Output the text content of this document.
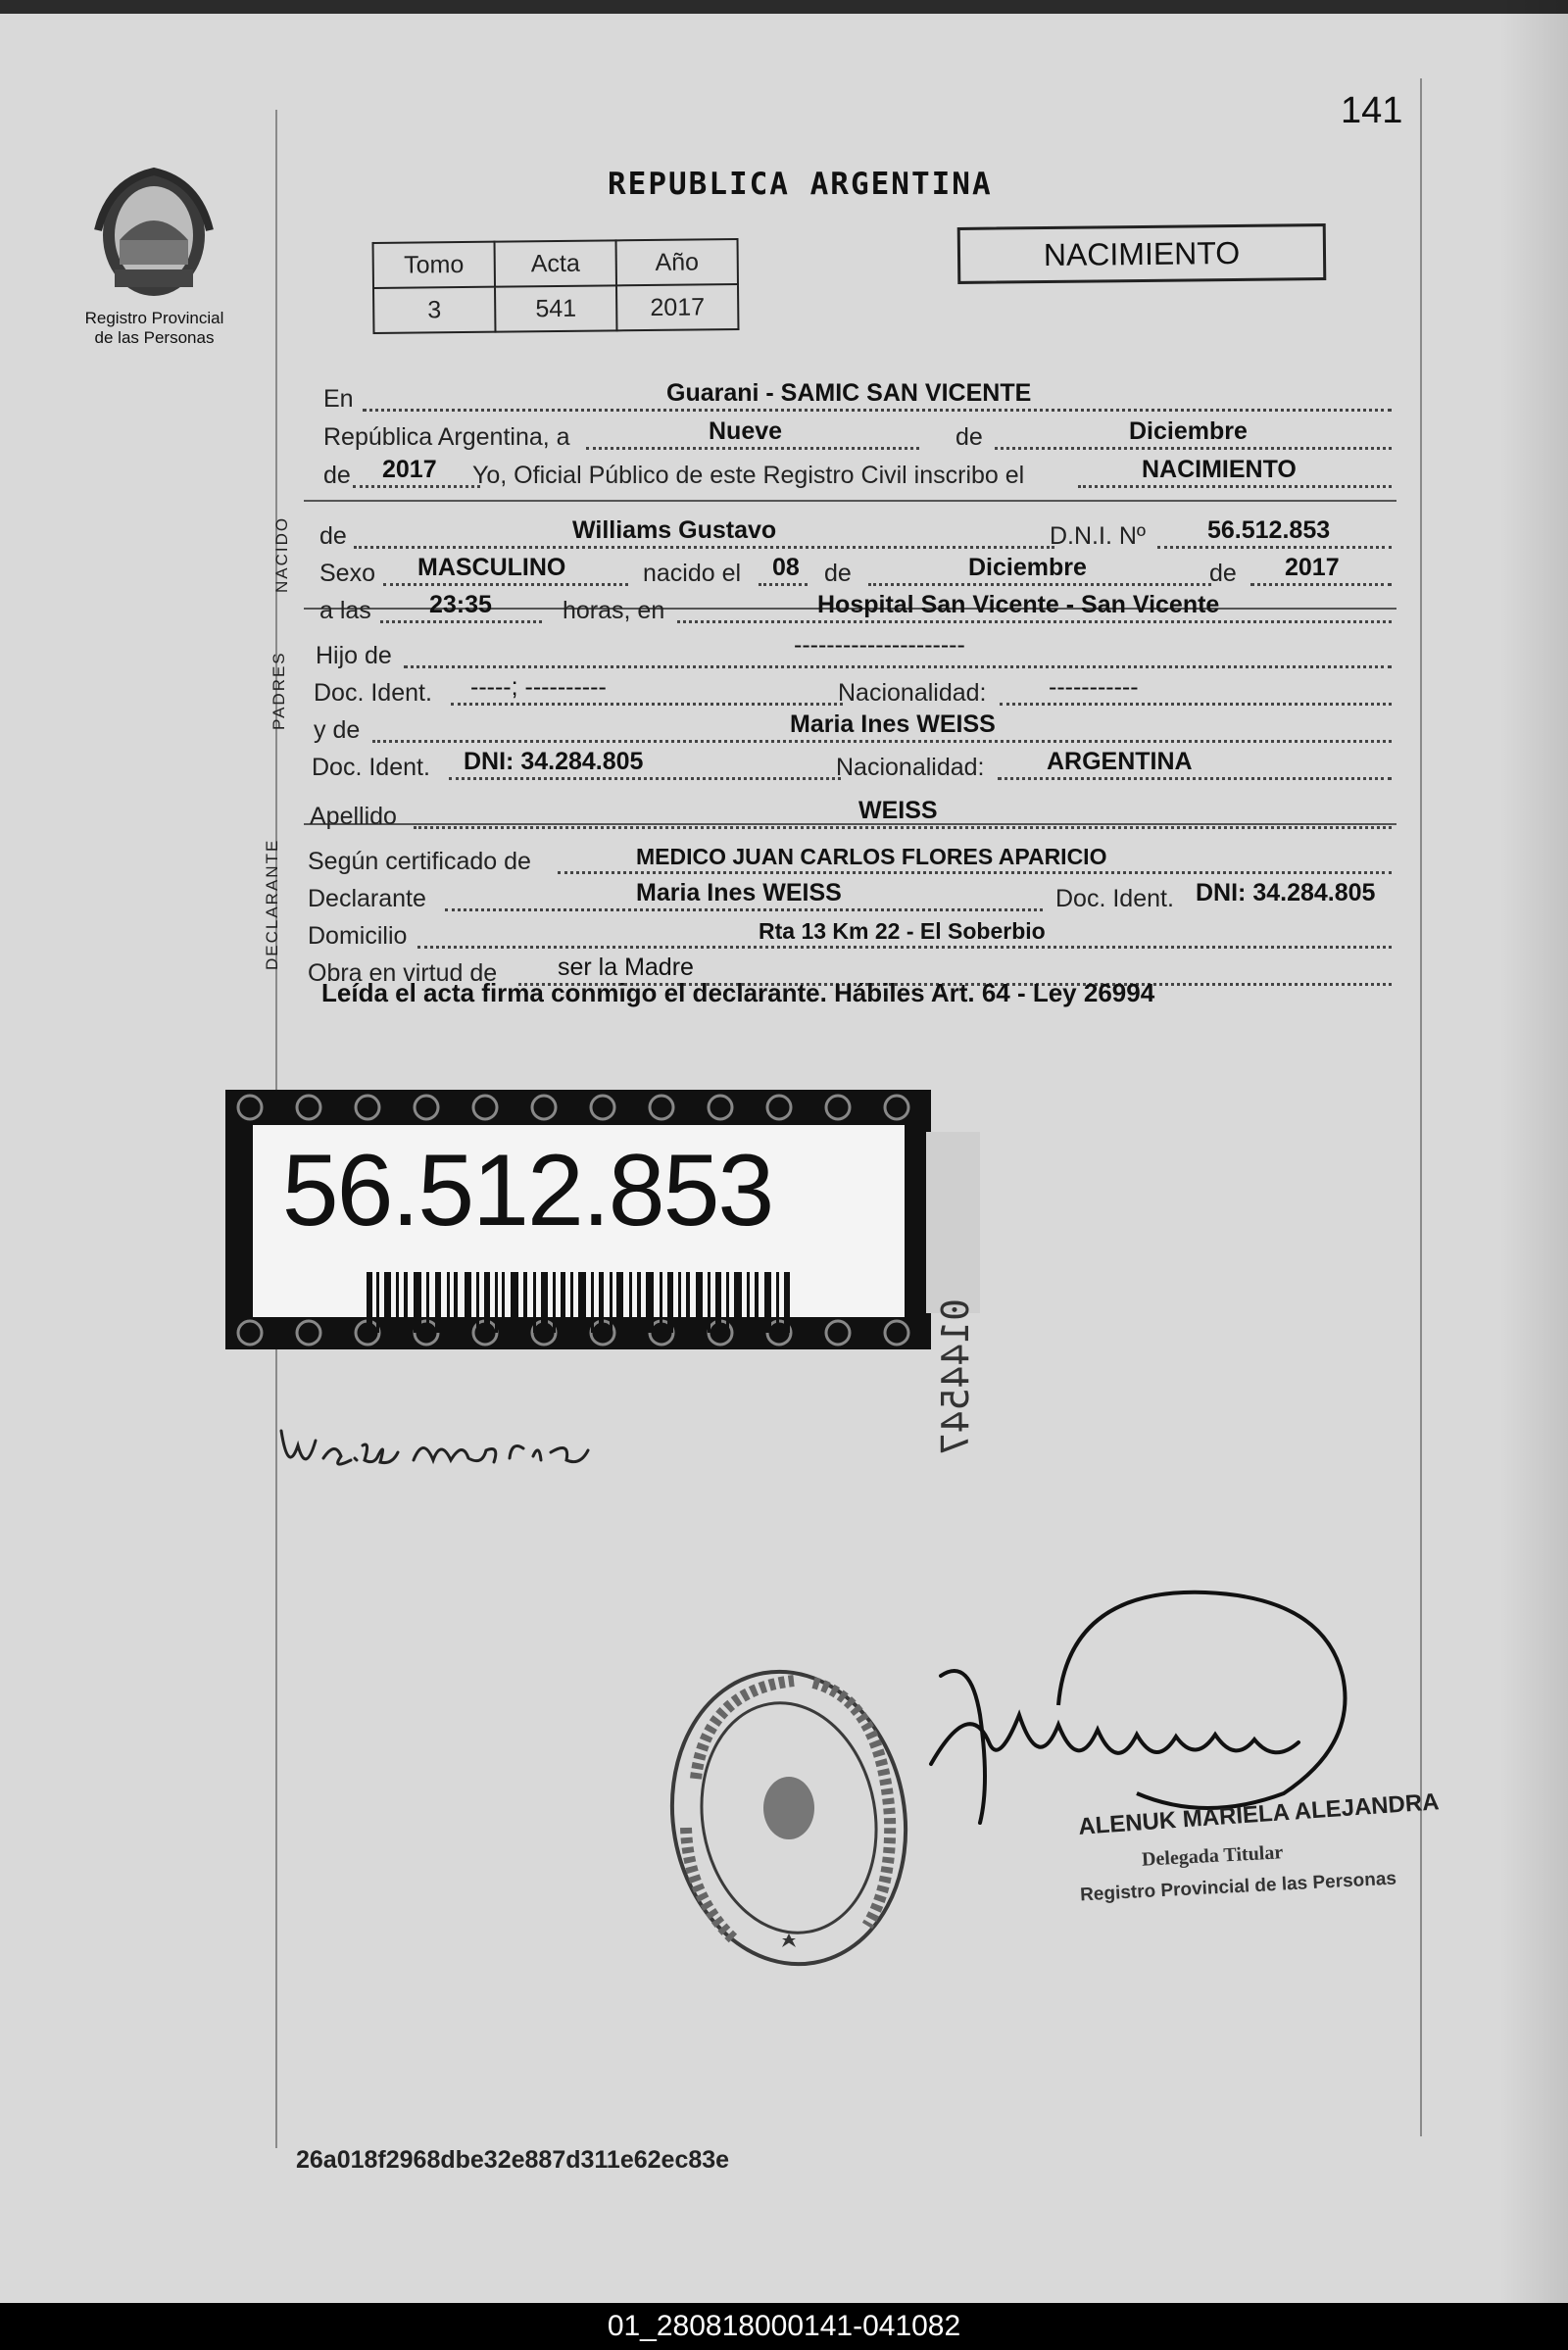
141
Registro Provincial
de las Personas
REPUBLICA ARGENTINA
Tomo	Acta	Año
3	541	2017
NACIMIENTO
NACIDO
PADRES
DECLARANTE
En	Guarani - SAMIC SAN VICENTE
República Argentina, a	Nueve	de	Diciembre
de 2017 Yo, Oficial Público de este Registro Civil inscribo el	NACIMIENTO
de	Williams Gustavo	D.N.I. Nº	56.512.853
Sexo MASCULINO	nacido el 08 de	Diciembre	de 2017
a las 23:35	horas, en	Hospital San Vicente - San Vicente
Hijo de	---------------------
Doc. Ident. -----; ----------	Nacionalidad:	-----------
y de	Maria Ines WEISS
Doc. Ident. DNI: 34.284.805	Nacionalidad:	ARGENTINA
Apellido	WEISS
Según certificado de	MEDICO JUAN CARLOS FLORES APARICIO
Declarante	Maria Ines WEISS	Doc. Ident. DNI: 34.284.805
Domicilio	Rta 13 Km 22 - El Soberbio
Obra en virtud de ser la Madre
Leída el acta firma conmigo el declarante. Hábiles Art. 64 - Ley 26994
56.512.853
0144547
ALENUK MARIELA ALEJANDRA
Delegada Titular
Registro Provincial de las Personas
26a018f2968dbe32e887d311e62ec83e
01_280818000141-041082
